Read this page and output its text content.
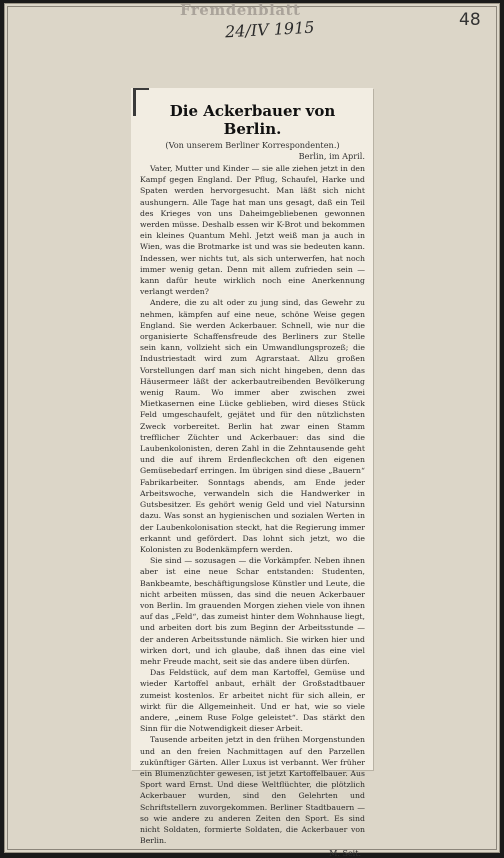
Fremdenblatt
24/IV 1915	48
Die Ackerbauer von Berlin.
(Von unserem Berliner Korrespondenten.)
Berlin, im April.

Vater, Mutter und Kinder — sie alle ziehen jetzt in den Kampf gegen England. Der Pflug, Schaufel, Harke und Spaten werden hervorgesucht. Man läßt sich nicht aushungern. Alle Tage hat man uns gesagt, daß ein Teil des Krieges von uns Daheimgebliebenen gewonnen werden müsse. Deshalb essen wir K-Brot und bekommen ein kleines Quantum Mehl. Jetzt weiß man ja auch in Wien, was die Brotmarke ist und was sie bedeuten kann. Indessen, wer nichts tut, als sich unterwerfen, hat noch immer wenig getan. Denn mit allem zufrieden sein — kann dafür heute wirklich noch eine Anerkennung verlangt werden?

Andere, die zu alt oder zu jung sind, das Gewehr zu nehmen, kämpfen auf eine neue, schöne Weise gegen England. Sie werden Ackerbauer. Schnell, wie nur die organisierte Schaffensfreude des Berliners zur Stelle sein kann, vollzieht sich ein Umwandlungsprozeß; die Industriestadt wird zum Agrarstaat. Allzu großen Vorstellungen darf man sich nicht hingeben, denn das Häusermeer läßt der ackerbautreibenden Bevölkerung wenig Raum. Wo immer aber zwischen zwei Mietkasernen eine Lücke geblieben, wird dieses Stück Feld umgeschaufelt, gejätet und für den nützlichsten Zweck vorbereitet. Berlin hat zwar einen Stamm trefflicher Züchter und Ackerbauer: das sind die Laubenkolonisten, deren Zahl in die Zehntausende geht und die auf ihrem Erdenfleckchen oft den eigenen Gemüsebedarf erringen. Im übrigen sind diese „Bauern“ Fabrikarbeiter. Sonntags abends, am Ende jeder Arbeitswoche, verwandeln sich die Handwerker in Gutsbesitzer. Es gehört wenig Geld und viel Natursinn dazu. Was sonst an hygienischen und sozialen Werten in der Laubenkolonisation steckt, hat die Regierung immer erkannt und gefördert. Das lohnt sich jetzt, wo die Kolonisten zu Bodenkämpfern werden.

Sie sind — sozusagen — die Vorkämpfer. Neben ihnen aber ist eine neue Schar entstanden: Studenten, Bankbeamte, beschäftigungslose Künstler und Leute, die nicht arbeiten müssen, das sind die neuen Ackerbauer von Berlin. Im grauenden Morgen ziehen viele von ihnen auf das „Feld“, das zumeist hinter dem Wohnhause liegt, und arbeiten dort bis zum Beginn der Arbeitsstunde — der anderen Arbeitsstunde nämlich. Sie wirken hier und wirken dort, und ich glaube, daß ihnen das eine viel mehr Freude macht, seit sie das andere üben dürfen.

Das Feldstück, auf dem man Kartoffel, Gemüse und wieder Kartoffel anbaut, erhält der Großstadtbauer zumeist kostenlos. Er arbeitet nicht für sich allein, er wirkt für die Allgemeinheit. Und er hat, wie so viele andere, „einem Ruse Folge geleistet“. Das stärkt den Sinn für die Notwendigkeit dieser Arbeit.

Tausende arbeiten jetzt in den frühen Morgenstunden und an den freien Nachmittagen auf den Parzellen zukünftiger Gärten. Aller Luxus ist verbannt. Wer früher ein Blumenzüchter gewesen, ist jetzt Kartoffelbauer. Aus Sport ward Ernst. Und diese Weltflüchter, die plötzlich Ackerbauer wurden, sind den Gelehrten und Schriftstellern zuvorgekommen. Berliner Stadtbauern — so wie andere zu anderen Zeiten den Sport. Es sind nicht Soldaten, formierte Soldaten, die Ackerbauer von Berlin.

M. Seit.
